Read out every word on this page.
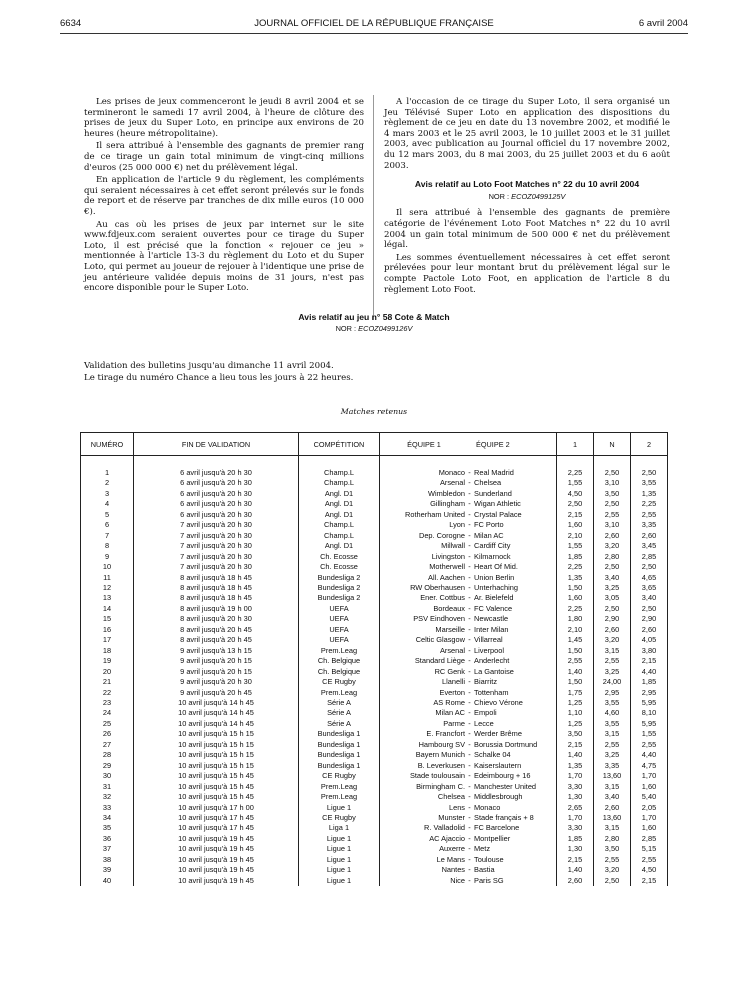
6634	JOURNAL OFFICIEL DE LA RÉPUBLIQUE FRANÇAISE	6 avril 2004

Les prises de jeux commenceront le jeudi 8 avril 2004 et se termineront le samedi 17 avril 2004, à l'heure de clôture des prises de jeux du Super Loto, en principe aux environs de 20 heures (heure métropolitaine).

Il sera attribué à l'ensemble des gagnants de premier rang de ce tirage un gain total minimum de vingt-cinq millions d'euros (25 000 000 €) net du prélèvement légal.

En application de l'article 9 du règlement, les compléments qui seraient nécessaires à cet effet seront prélevés sur le fonds de report et de réserve par tranches de dix mille euros (10 000 €).

Au cas où les prises de jeux par internet sur le site www.fdjeux.com seraient ouvertes pour ce tirage du Super Loto, il est précisé que la fonction « rejouer ce jeu » mentionnée à l'article 13-3 du règlement du Loto et du Super Loto, qui permet au joueur de rejouer à l'identique une prise de jeu antérieure validée depuis moins de 31 jours, n'est pas encore disponible pour le Super Loto.

A l'occasion de ce tirage du Super Loto, il sera organisé un Jeu Télévisé Super Loto en application des dispositions du règlement de ce jeu en date du 13 novembre 2002, et modifié le 4 mars 2003 et le 25 avril 2003, le 10 juillet 2003 et le 31 juillet 2003, avec publication au Journal officiel du 17 novembre 2002, du 12 mars 2003, du 8 mai 2003, du 25 juillet 2003 et du 6 août 2003.

Avis relatif au Loto Foot Matches n° 22 du 10 avril 2004
NOR : ECOZ0499125V

Il sera attribué à l'ensemble des gagnants de première catégorie de l'événement Loto Foot Matches n° 22 du 10 avril 2004 un gain total minimum de 500 000 € net du prélèvement légal.

Les sommes éventuellement nécessaires à cet effet seront prélevées pour leur montant brut du prélèvement légal sur le compte Pactole Loto Foot, en application de l'article 8 du règlement Loto Foot.

Avis relatif au jeu n° 58 Cote & Match
NOR : ECOZ0499126V
Validation des bulletins jusqu'au dimanche 11 avril 2004.
Le tirage du numéro Chance a lieu tous les jours à 22 heures.
Matches retenus
NUMÉRO	FIN DE VALIDATION	COMPÉTITION	ÉQUIPE 1	ÉQUIPE 2		1	N	2

1	6 avril jusqu'à 20 h 30	Champ.L	Monaco	-	Real Madrid	2,25	2,50	2,50
2	6 avril jusqu'à 20 h 30	Champ.L	Arsenal	-	Chelsea	1,55	3,10	3,55
3	6 avril jusqu'à 20 h 30	Angl. D1	Wimbledon	-	Sunderland	4,50	3,50	1,35
4	6 avril jusqu'à 20 h 30	Angl. D1	Gillingham	-	Wigan Athletic	2,50	2,50	2,25
5	6 avril jusqu'à 20 h 30	Angl. D1	Rotherham United	-	Crystal Palace	2,15	2,55	2,55
6	7 avril jusqu'à 20 h 30	Champ.L	Lyon	-	FC Porto	1,60	3,10	3,35
7	7 avril jusqu'à 20 h 30	Champ.L	Dep. Corogne	-	Milan AC	2,10	2,60	2,60
8	7 avril jusqu'à 20 h 30	Angl. D1	Millwall	-	Cardiff City	1,55	3,20	3,45
9	7 avril jusqu'à 20 h 30	Ch. Ecosse	Livingston	-	Kilmarnock	1,85	2,80	2,85
10	7 avril jusqu'à 20 h 30	Ch. Ecosse	Motherwell	-	Heart Of Mid.	2,25	2,50	2,50
11	8 avril jusqu'à 18 h 45	Bundesliga 2	All. Aachen	-	Union Berlin	1,35	3,40	4,65
12	8 avril jusqu'à 18 h 45	Bundesliga 2	RW Oberhausen	-	Unterhaching	1,50	3,25	3,65
13	8 avril jusqu'à 18 h 45	Bundesliga 2	Ener. Cottbus	-	Ar. Bielefeld	1,60	3,05	3,40
14	8 avril jusqu'à 19 h 00	UEFA	Bordeaux	-	FC Valence	2,25	2,50	2,50
15	8 avril jusqu'à 20 h 30	UEFA	PSV Eindhoven	-	Newcastle	1,80	2,90	2,90
16	8 avril jusqu'à 20 h 45	UEFA	Marseille	-	Inter Milan	2,10	2,60	2,60
17	8 avril jusqu'à 20 h 45	UEFA	Celtic Glasgow	-	Villarreal	1,45	3,20	4,05
18	9 avril jusqu'à 13 h 15	Prem.Leag	Arsenal	-	Liverpool	1,50	3,15	3,80
19	9 avril jusqu'à 20 h 15	Ch. Belgique	Standard Liège	-	Anderlecht	2,55	2,55	2,15
20	9 avril jusqu'à 20 h 15	Ch. Belgique	RC Genk	-	La Gantoise	1,40	3,25	4,40
21	9 avril jusqu'à 20 h 30	CE Rugby	Llanelli	-	Biarritz	1,50	24,00	1,85
22	9 avril jusqu'à 20 h 45	Prem.Leag	Everton	-	Tottenham	1,75	2,95	2,95
23	10 avril jusqu'à 14 h 45	Série A	AS Rome	-	Chievo Vérone	1,25	3,55	5,95
24	10 avril jusqu'à 14 h 45	Série A	Milan AC	-	Empoli	1,10	4,60	8,10
25	10 avril jusqu'à 14 h 45	Série A	Parme	-	Lecce	1,25	3,55	5,95
26	10 avril jusqu'à 15 h 15	Bundesliga 1	E. Francfort	-	Werder Brême	3,50	3,15	1,55
27	10 avril jusqu'à 15 h 15	Bundesliga 1	Hambourg SV	-	Borussia Dortmund	2,15	2,55	2,55
28	10 avril jusqu'à 15 h 15	Bundesliga 1	Bayern Munich	-	Schalke 04	1,40	3,25	4,40
29	10 avril jusqu'à 15 h 15	Bundesliga 1	B. Leverkusen	-	Kaiserslautern	1,35	3,35	4,75
30	10 avril jusqu'à 15 h 45	CE Rugby	Stade toulousain	-	Edeimbourg + 16	1,70	13,60	1,70
31	10 avril jusqu'à 15 h 45	Prem.Leag	Birmingham C.	-	Manchester United	3,30	3,15	1,60
32	10 avril jusqu'à 15 h 45	Prem.Leag	Chelsea	-	Middlesbrough	1,30	3,40	5,40
33	10 avril jusqu'à 17 h 00	Ligue 1	Lens	-	Monaco	2,65	2,60	2,05
34	10 avril jusqu'à 17 h 45	CE Rugby	Munster	-	Stade français + 8	1,70	13,60	1,70
35	10 avril jusqu'à 17 h 45	Liga 1	R. Valladolid	-	FC Barcelone	3,30	3,15	1,60
36	10 avril jusqu'à 19 h 45	Ligue 1	AC Ajaccio	-	Montpellier	1,85	2,80	2,85
37	10 avril jusqu'à 19 h 45	Ligue 1	Auxerre	-	Metz	1,30	3,50	5,15
38	10 avril jusqu'à 19 h 45	Ligue 1	Le Mans	-	Toulouse	2,15	2,55	2,55
39	10 avril jusqu'à 19 h 45	Ligue 1	Nantes	-	Bastia	1,40	3,20	4,50
40	10 avril jusqu'à 19 h 45	Ligue 1	Nice	-	Paris SG	2,60	2,50	2,15
